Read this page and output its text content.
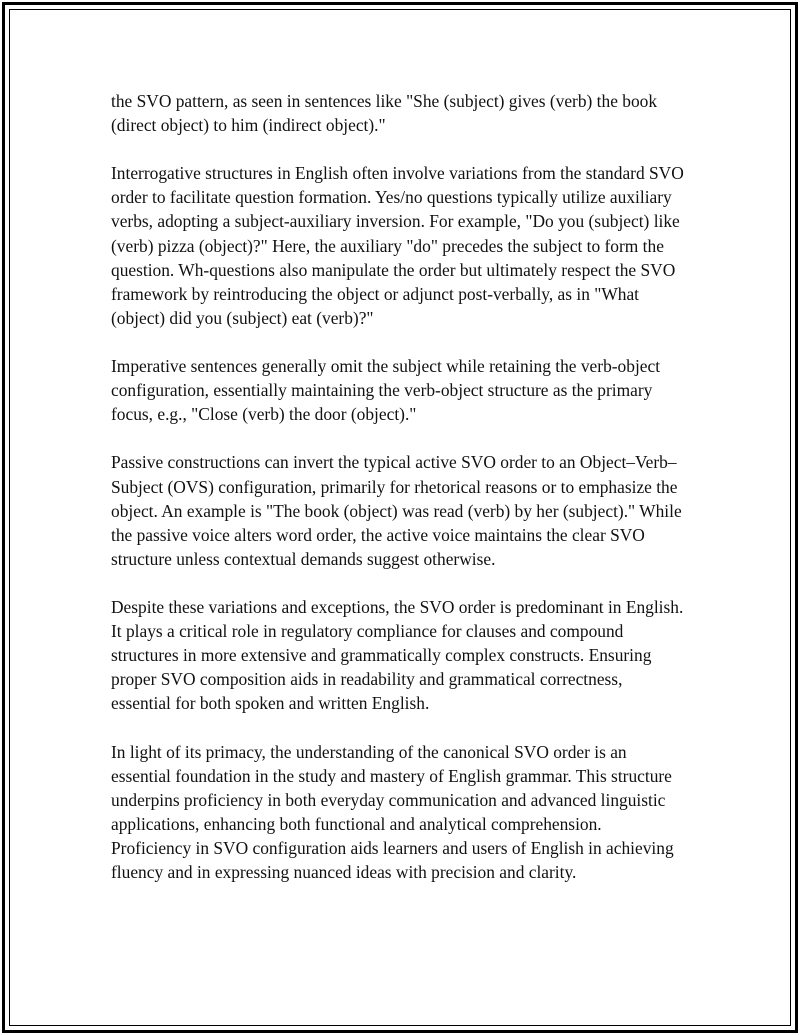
the SVO pattern, as seen in sentences like "She (subject) gives (verb) the book (direct object) to him (indirect object)."

Interrogative structures in English often involve variations from the standard SVO order to facilitate question formation. Yes/no questions typically utilize auxiliary verbs, adopting a subject-auxiliary inversion. For example, "Do you (subject) like (verb) pizza (object)?" Here, the auxiliary "do" precedes the subject to form the question. Wh-questions also manipulate the order but ultimately respect the SVO framework by reintroducing the object or adjunct post-verbally, as in "What (object) did you (subject) eat (verb)?"

Imperative sentences generally omit the subject while retaining the verb-object configuration, essentially maintaining the verb-object structure as the primary focus, e.g., "Close (verb) the door (object)."

Passive constructions can invert the typical active SVO order to an Object–Verb–Subject (OVS) configuration, primarily for rhetorical reasons or to emphasize the object. An example is "The book (object) was read (verb) by her (subject)." While the passive voice alters word order, the active voice maintains the clear SVO structure unless contextual demands suggest otherwise.

Despite these variations and exceptions, the SVO order is predominant in English. It plays a critical role in regulatory compliance for clauses and compound structures in more extensive and grammatically complex constructs. Ensuring proper SVO composition aids in readability and grammatical correctness, essential for both spoken and written English.

In light of its primacy, the understanding of the canonical SVO order is an essential foundation in the study and mastery of English grammar. This structure underpins proficiency in both everyday communication and advanced linguistic applications, enhancing both functional and analytical comprehension. Proficiency in SVO configuration aids learners and users of English in achieving fluency and in expressing nuanced ideas with precision and clarity.
